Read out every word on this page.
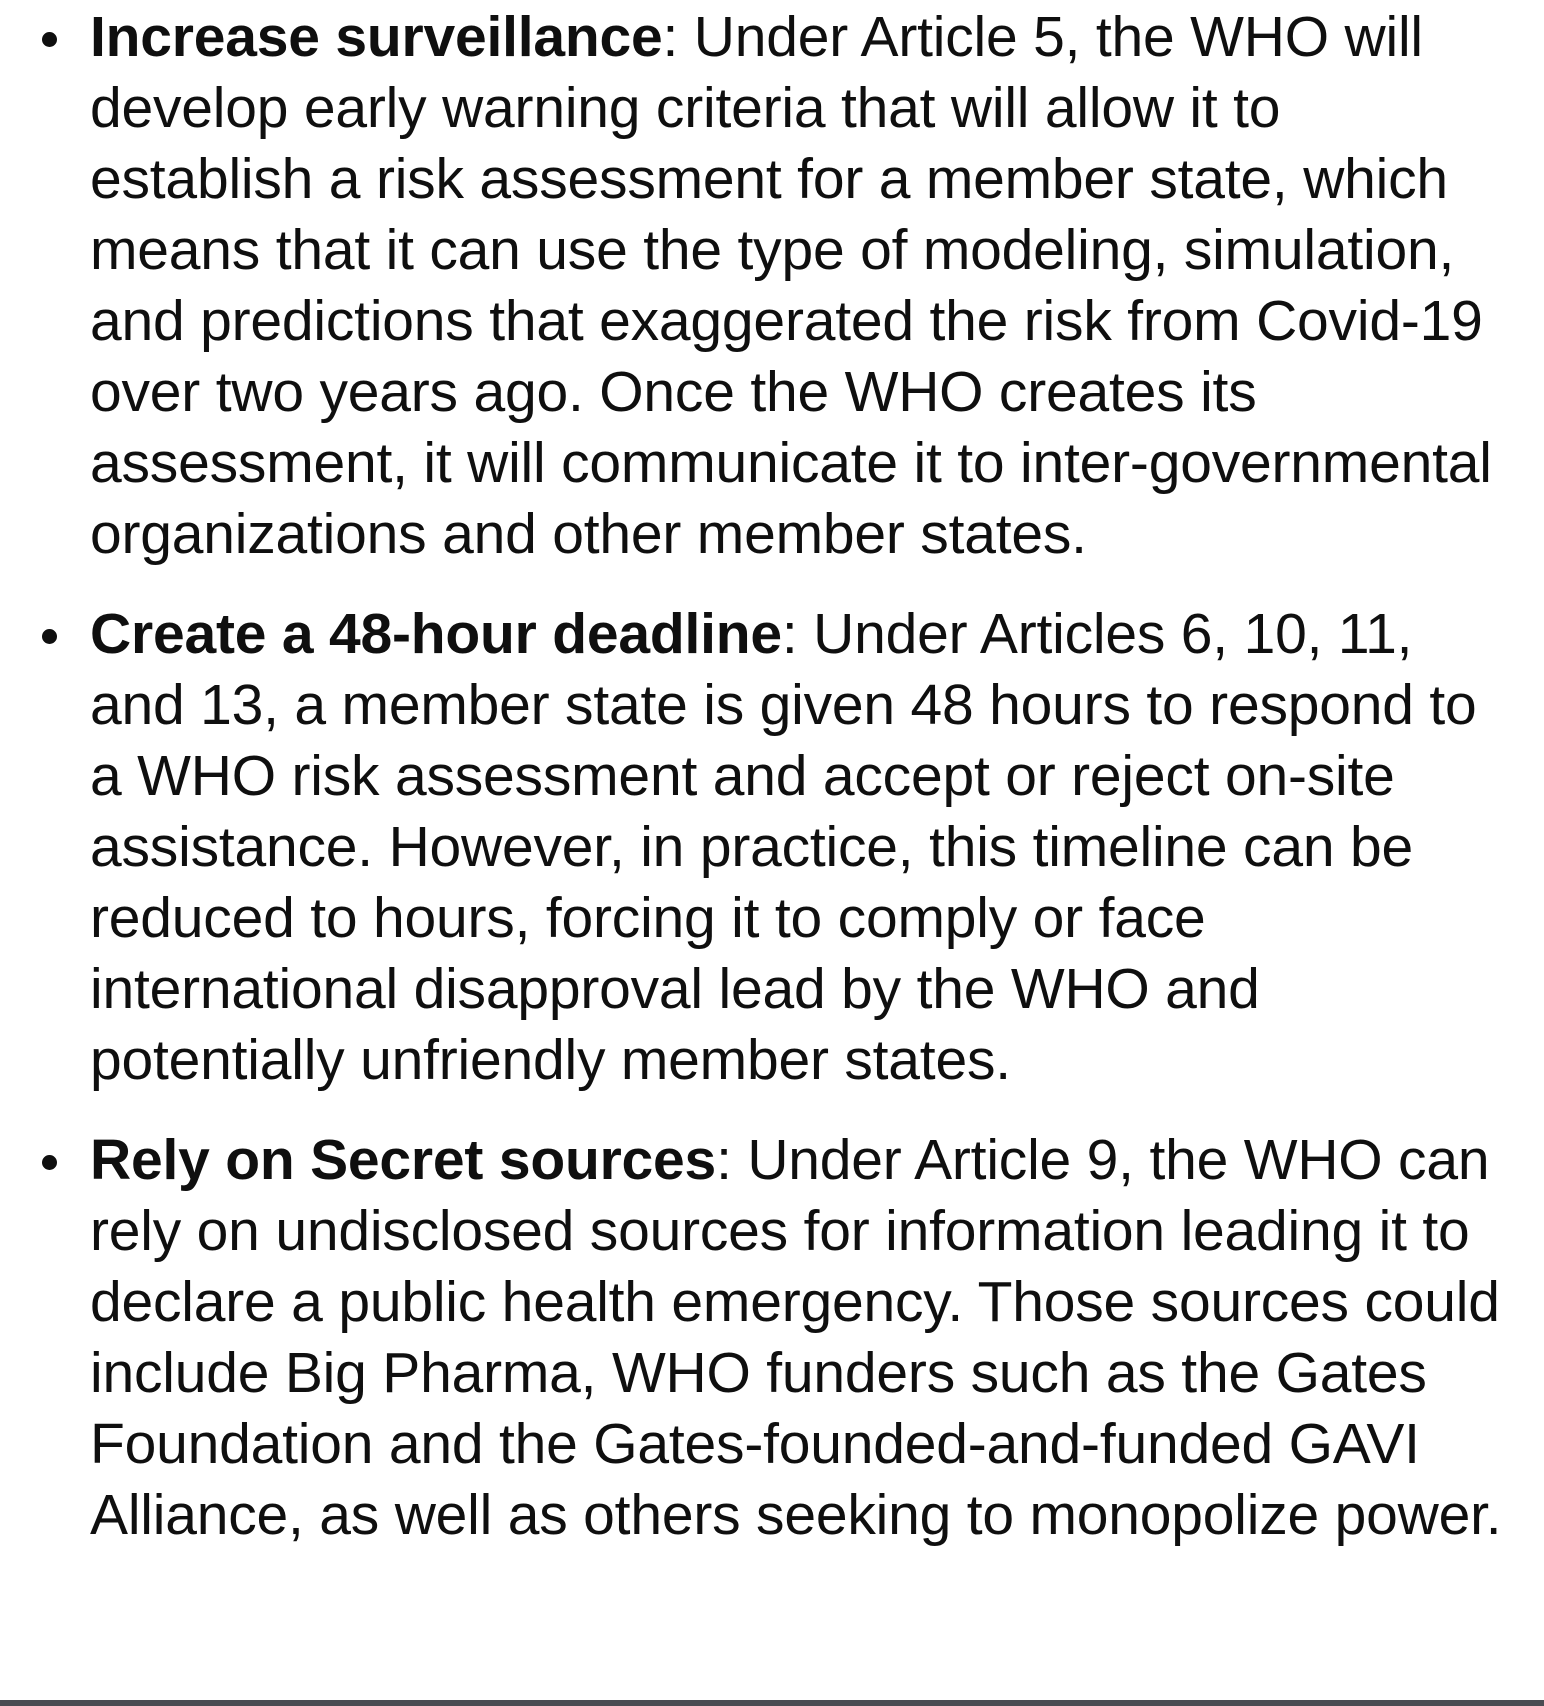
Increase surveillance: Under Article 5, the WHO will develop early warning criteria that will allow it to establish a risk assessment for a member state, which means that it can use the type of modeling, simulation, and predictions that exaggerated the risk from Covid-19 over two years ago. Once the WHO creates its assessment, it will communicate it to inter-governmental organizations and other member states.
Create a 48-hour deadline: Under Articles 6, 10, 11, and 13, a member state is given 48 hours to respond to a WHO risk assessment and accept or reject on-site assistance. However, in practice, this timeline can be reduced to hours, forcing it to comply or face international disapproval lead by the WHO and potentially unfriendly member states.
Rely on Secret sources: Under Article 9, the WHO can rely on undisclosed sources for information leading it to declare a public health emergency. Those sources could include Big Pharma, WHO funders such as the Gates Foundation and the Gates-founded-and-funded GAVI Alliance, as well as others seeking to monopolize power.
